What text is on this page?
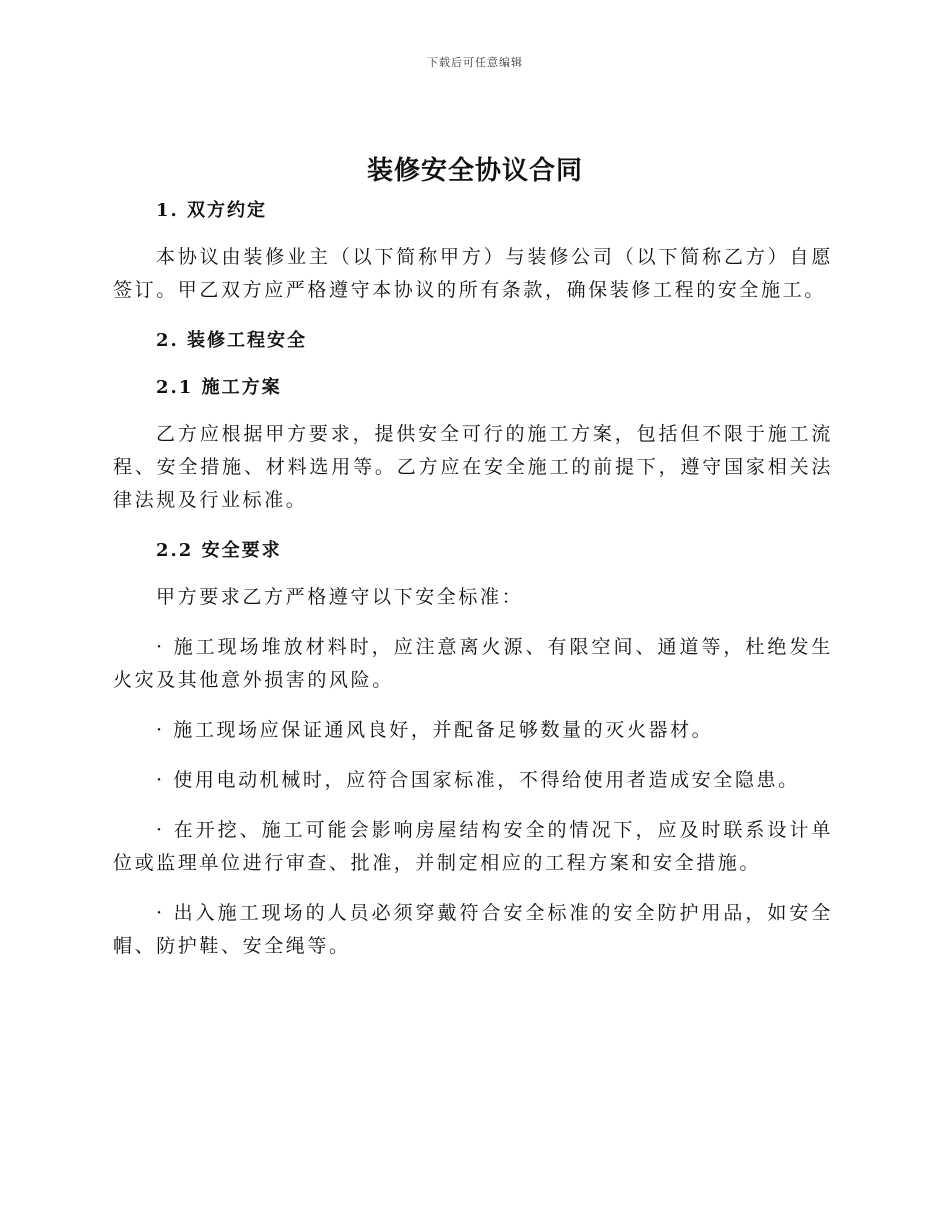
下载后可任意编辑
装修安全协议合同
1. 双方约定

本协议由装修业主（以下简称甲方）与装修公司（以下简称乙方）自愿签订。甲乙双方应严格遵守本协议的所有条款，确保装修工程的安全施工。

2. 装修工程安全
2.1 施工方案

乙方应根据甲方要求，提供安全可行的施工方案，包括但不限于施工流程、安全措施、材料选用等。乙方应在安全施工的前提下，遵守国家相关法律法规及行业标准。

2.2 安全要求

甲方要求乙方严格遵守以下安全标准：

· 施工现场堆放材料时，应注意离火源、有限空间、通道等，杜绝发生火灾及其他意外损害的风险。

· 施工现场应保证通风良好，并配备足够数量的灭火器材。

· 使用电动机械时，应符合国家标准，不得给使用者造成安全隐患。

· 在开挖、施工可能会影响房屋结构安全的情况下，应及时联系设计单位或监理单位进行审查、批准，并制定相应的工程方案和安全措施。

· 出入施工现场的人员必须穿戴符合安全标准的安全防护用品，如安全帽、防护鞋、安全绳等。
